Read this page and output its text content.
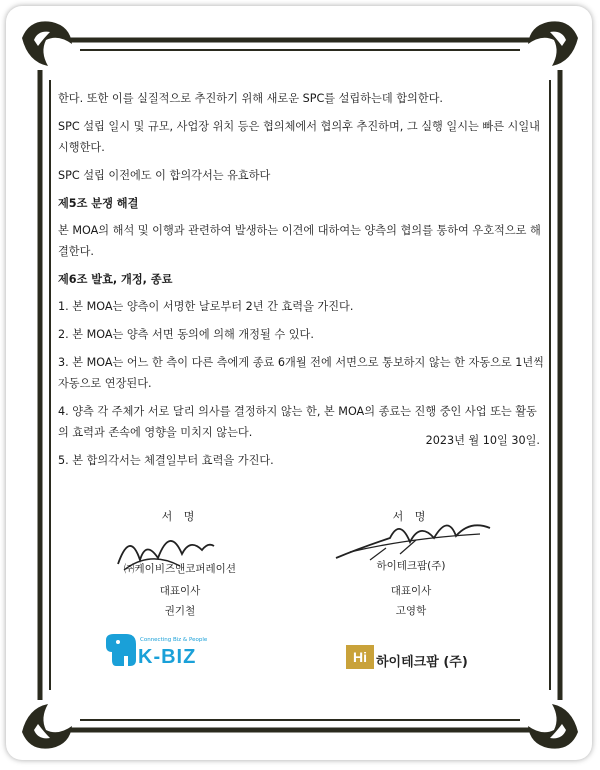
한다. 또한 이를 실질적으로 추진하기 위해 새로운 SPC를 설립하는데 합의한다.

SPC 설립 일시 및 규모, 사업장 위치 등은 협의체에서 협의후 추진하며, 그 실행 일시는 빠른 시일내 시행한다.

SPC 설립 이전에도 이 합의각서는 유효하다

제5조 분쟁 해결

본 MOA의 해석 및 이행과 관련하여 발생하는 이견에 대하여는 양측의 협의를 통하여 우호적으로 해결한다.

제6조 발효, 개정, 종료

1. 본 MOA는 양측이 서명한 날로부터 2년 간 효력을 가진다.

2. 본 MOA는 양측 서면 동의에 의해 개정될 수 있다.

3. 본 MOA는 어느 한 측이 다른 측에게 종료 6개월 전에 서면으로 통보하지 않는 한 자동으로 1년씩 자동으로 연장된다.

4. 양측 각 주체가 서로 달리 의사를 결정하지 않는 한, 본 MOA의 종료는 진행 중인 사업 또는 활동의 효력과 존속에 영향을 미치지 않는다.

5. 본 합의각서는 체결일부터 효력을 가진다.

2023년 월 10일 30일.
서 명
㈜케이비즈앤코퍼레이션
대표이사
권기철
서 명
하이테크팜(주)
대표이사
고영학
Connecting Biz & People
K-BIZ	Hi 하이테크팜 (주)
